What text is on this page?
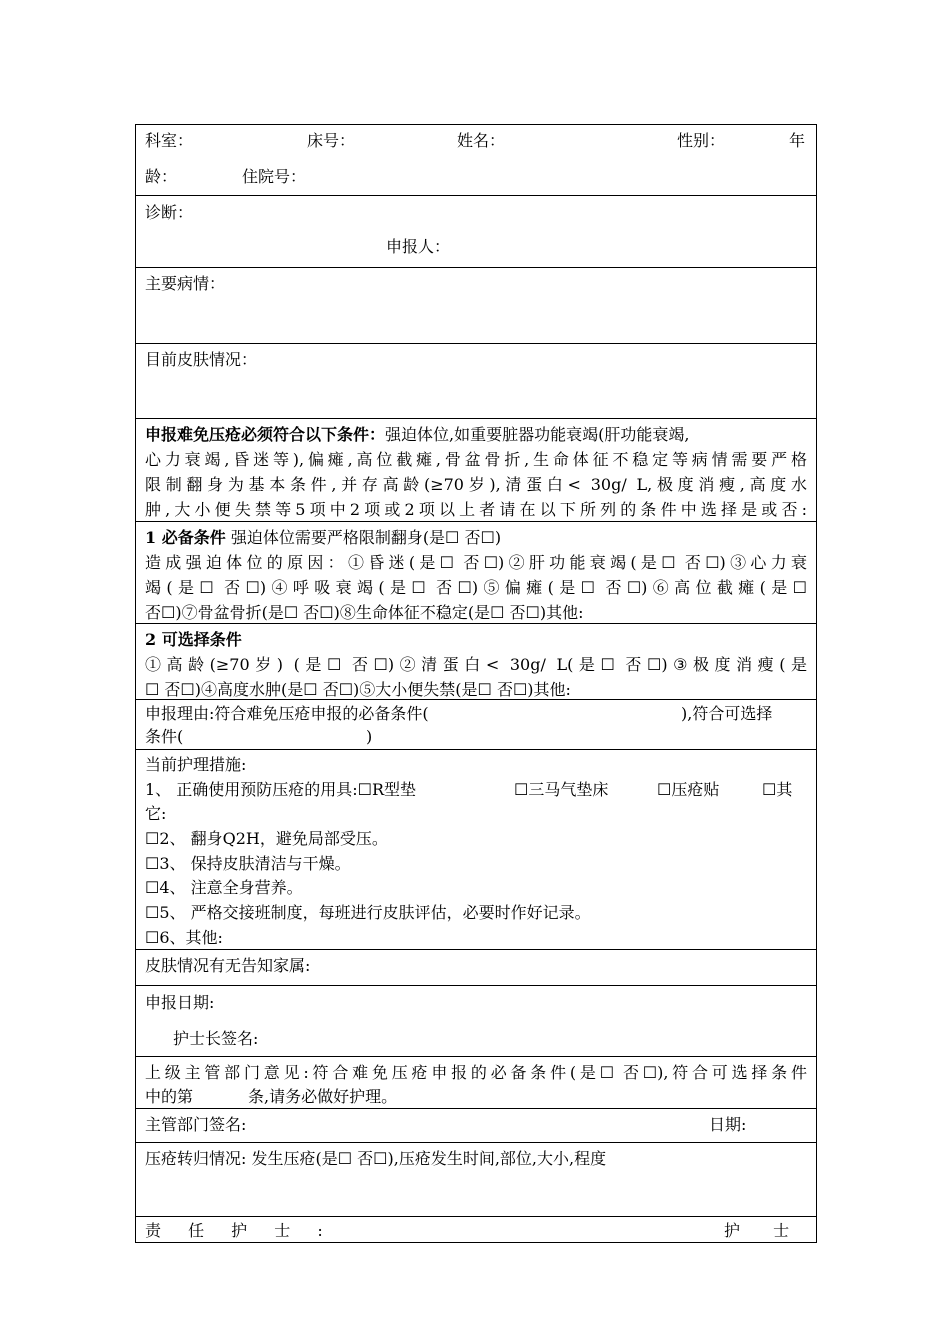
科室：	床号：	姓名：	性别：	年
龄：	住院号：
诊断：
申报人：
主要病情：
目前皮肤情况：
申报难免压疮必须符合以下条件：强迫体位,如重要脏器功能衰竭(肝功能衰竭,
心力衰竭,昏迷等),偏瘫,高位截瘫,骨盆骨折,生命体征不稳定等病情需要严格
限制翻身为基本条件,并存高龄(≥70岁),清蛋白< 30g/ L,极度消瘦,高度水
肿,大小便失禁等5项中2项或2项以上者请在以下所列的条件中选择是或否:
1 必备条件 强迫体位需要严格限制翻身(是☐ 否☐)
造成强迫体位的原因：①昏迷(是☐ 否☐)②肝功能衰竭(是☐ 否☐)③心力衰
竭(是☐ 否☐)④呼吸衰竭(是☐ 否☐)⑤偏瘫(是☐ 否☐)⑥高位截瘫(是☐
否☐)⑦骨盆骨折(是☐ 否☐)⑧生命体征不稳定(是☐ 否☐)其他:
2 可选择条件
①高龄(≥70岁) (是☐ 否☐)②清蛋白< 30g/ L(是☐ 否☐)③极度消瘦(是
☐ 否☐)④高度水肿(是☐ 否☐)⑤大小便失禁(是☐ 否☐)其他:
申报理由:符合难免压疮申报的必备条件(	),符合可选择
条件(	)
当前护理措施:
1、 正确使用预防压疮的用具:☐R型垫	☐三马气垫床	☐压疮贴	☐其
它:
☐2、 翻身Q2H，避免局部受压。
☐3、 保持皮肤清洁与干燥。
☐4、 注意全身营养。
☐5、 严格交接班制度，每班进行皮肤评估，必要时作好记录。
☐6、其他:
皮肤情况有无告知家属:
申报日期:
护士长签名:
上级主管部门意见:符合难免压疮申报的必备条件(是☐ 否☐),符合可选择条件
中的第	条,请务必做好护理。
主管部门签名:	日期:
压疮转归情况: 发生压疮(是☐ 否☐),压疮发生时间,部位,大小,程度
责 任 护 士 :	护 士
